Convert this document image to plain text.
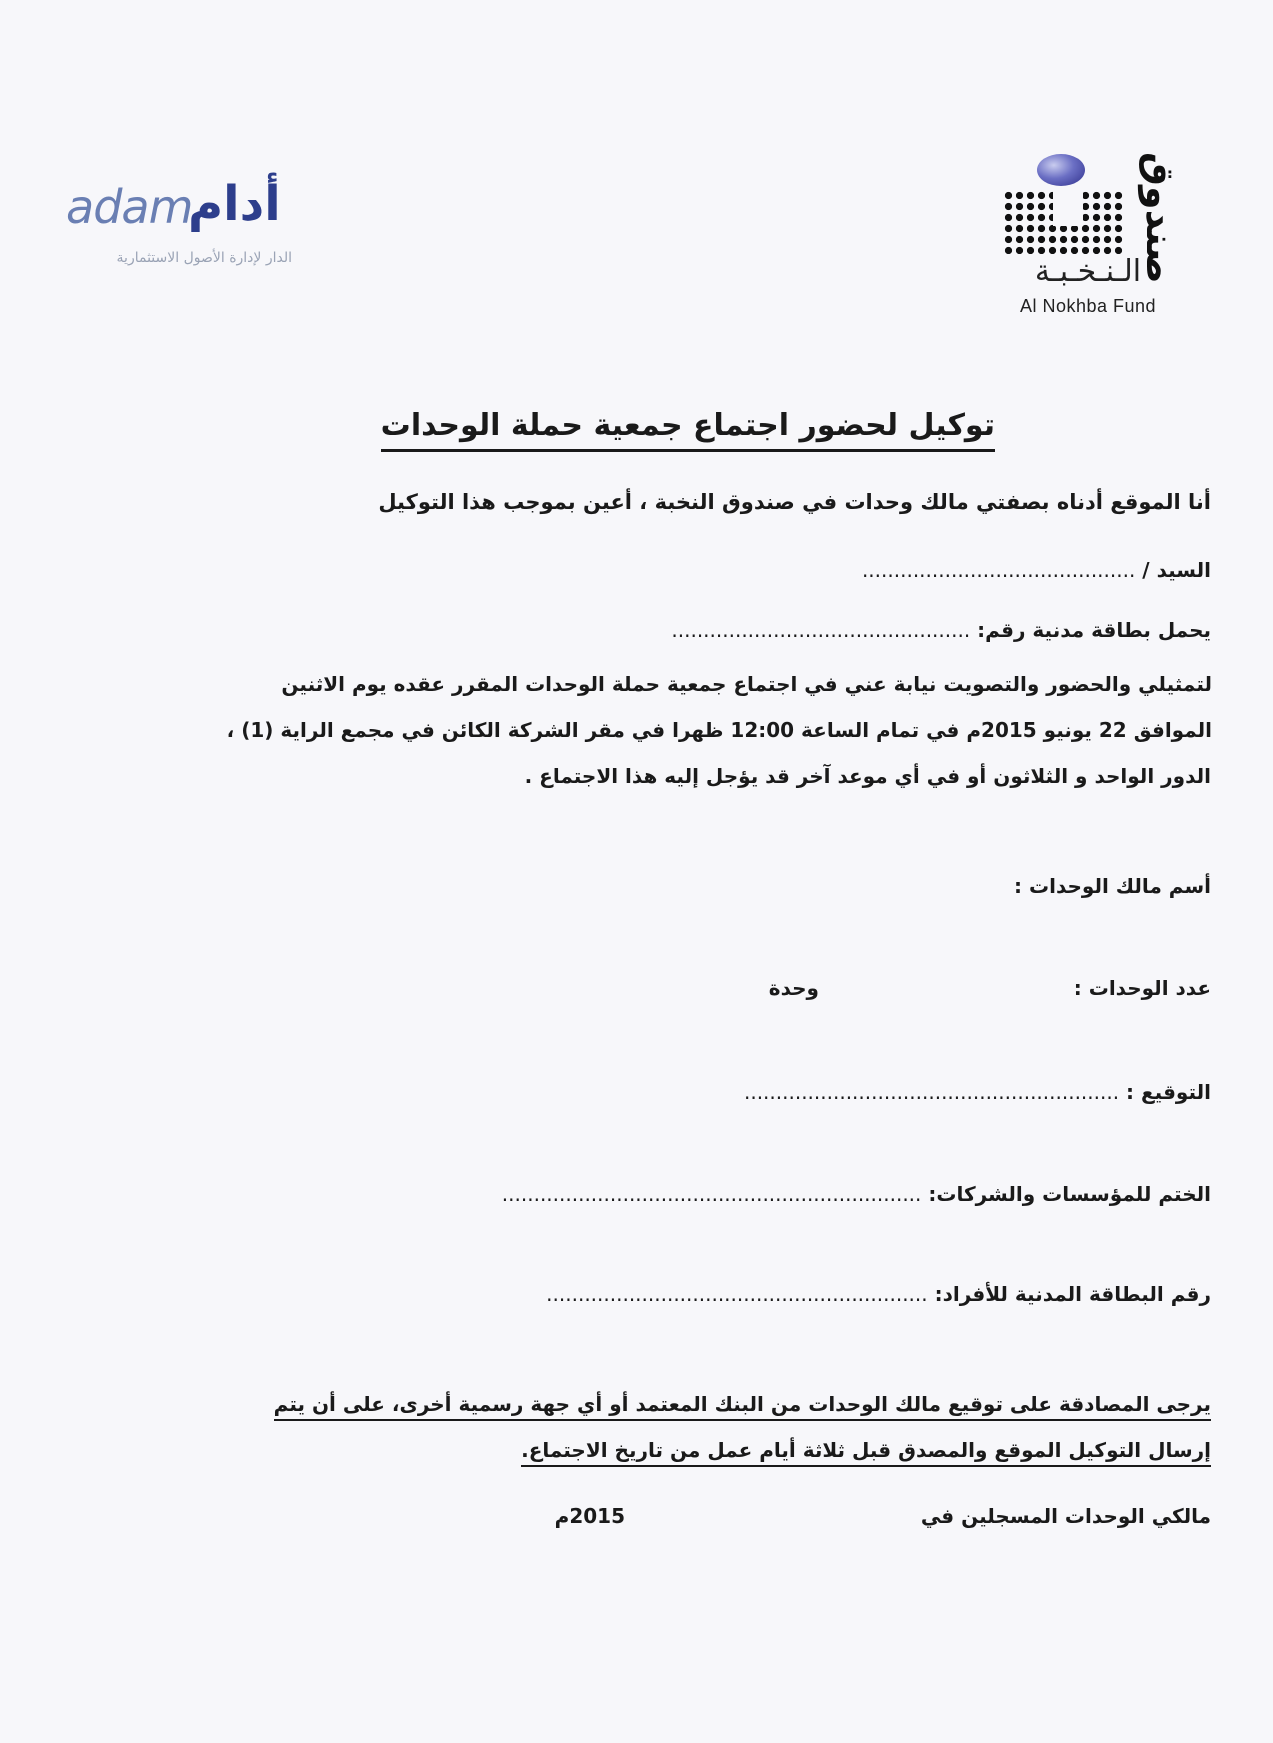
adam
أدام
الدار لإدارة الأصول الاستثمارية	صندوق
الـنـخـبـة
Al Nokhba Fund
توكيل لحضور اجتماع جمعية حملة الوحدات
أنا الموقع أدناه بصفتي مالك وحدات في صندوق النخبة ، أعين بموجب هذا التوكيل
السيد / ...........................................
يحمل بطاقة مدنية رقم: ...............................................
لتمثيلي والحضور والتصويت نيابة عني في اجتماع جمعية حملة الوحدات المقرر عقده يوم الاثنين
الموافق 22 يونيو 2015م في تمام الساعة 12:00 ظهرا في مقر الشركة الكائن في مجمع الراية (1) ،
الدور الواحد و الثلاثون أو في أي موعد آخر قد يؤجل إليه هذا الاجتماع .
أسم مالك الوحدات :
عدد الوحدات :
وحدة
التوقيع : ...........................................................
الختم للمؤسسات والشركات: ..................................................................
رقم البطاقة المدنية للأفراد: ............................................................
يرجى المصادقة على توقيع مالك الوحدات من البنك المعتمد أو أي جهة رسمية أخرى، على أن يتم
إرسال التوكيل الموقع والمصدق قبل ثلاثة أيام عمل من تاريخ الاجتماع.
مالكي الوحدات المسجلين في
2015م
